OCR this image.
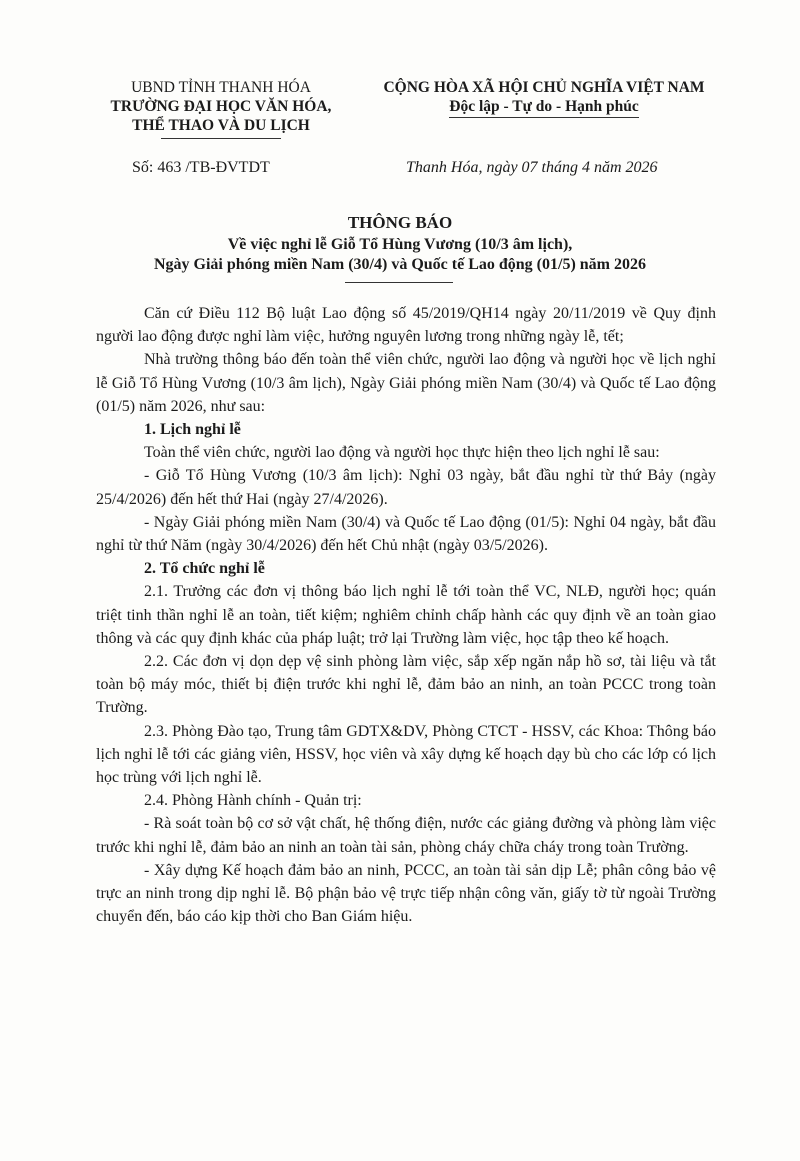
UBND TỈNH THANH HÓA
TRƯỜNG ĐẠI HỌC VĂN HÓA,
THỂ THAO VÀ DU LỊCH
CỘNG HÒA XÃ HỘI CHỦ NGHĨA VIỆT NAM
Độc lập - Tự do - Hạnh phúc
Số: 463 /TB-ĐVTDT	Thanh Hóa, ngày 07 tháng 4 năm 2026
THÔNG BÁO
Về việc nghỉ lễ Giỗ Tổ Hùng Vương (10/3 âm lịch),
Ngày Giải phóng miền Nam (30/4) và Quốc tế Lao động (01/5) năm 2026

Căn cứ Điều 112 Bộ luật Lao động số 45/2019/QH14 ngày 20/11/2019 về Quy định người lao động được nghỉ làm việc, hưởng nguyên lương trong những ngày lễ, tết;

Nhà trường thông báo đến toàn thể viên chức, người lao động và người học về lịch nghỉ lễ Giỗ Tổ Hùng Vương (10/3 âm lịch), Ngày Giải phóng miền Nam (30/4) và Quốc tế Lao động (01/5) năm 2026, như sau:

1. Lịch nghỉ lễ

Toàn thể viên chức, người lao động và người học thực hiện theo lịch nghỉ lễ sau:

- Giỗ Tổ Hùng Vương (10/3 âm lịch): Nghỉ 03 ngày, bắt đầu nghỉ từ thứ Bảy (ngày 25/4/2026) đến hết thứ Hai (ngày 27/4/2026).

- Ngày Giải phóng miền Nam (30/4) và Quốc tế Lao động (01/5): Nghỉ 04 ngày, bắt đầu nghỉ từ thứ Năm (ngày 30/4/2026) đến hết Chủ nhật (ngày 03/5/2026).

2. Tổ chức nghỉ lễ

2.1. Trưởng các đơn vị thông báo lịch nghỉ lễ tới toàn thể VC, NLĐ, người học; quán triệt tinh thần nghỉ lễ an toàn, tiết kiệm; nghiêm chỉnh chấp hành các quy định về an toàn giao thông và các quy định khác của pháp luật; trở lại Trường làm việc, học tập theo kế hoạch.

2.2. Các đơn vị dọn dẹp vệ sinh phòng làm việc, sắp xếp ngăn nắp hồ sơ, tài liệu và tắt toàn bộ máy móc, thiết bị điện trước khi nghỉ lễ, đảm bảo an ninh, an toàn PCCC trong toàn Trường.

2.3. Phòng Đào tạo, Trung tâm GDTX&DV, Phòng CTCT - HSSV, các Khoa: Thông báo lịch nghỉ lễ tới các giảng viên, HSSV, học viên và xây dựng kế hoạch dạy bù cho các lớp có lịch học trùng với lịch nghỉ lễ.

2.4. Phòng Hành chính - Quản trị:

- Rà soát toàn bộ cơ sở vật chất, hệ thống điện, nước các giảng đường và phòng làm việc trước khi nghỉ lễ, đảm bảo an ninh an toàn tài sản, phòng cháy chữa cháy trong toàn Trường.

- Xây dựng Kế hoạch đảm bảo an ninh, PCCC, an toàn tài sản dịp Lễ; phân công bảo vệ trực an ninh trong dịp nghỉ lễ. Bộ phận bảo vệ trực tiếp nhận công văn, giấy tờ từ ngoài Trường chuyển đến, báo cáo kịp thời cho Ban Giám hiệu.
